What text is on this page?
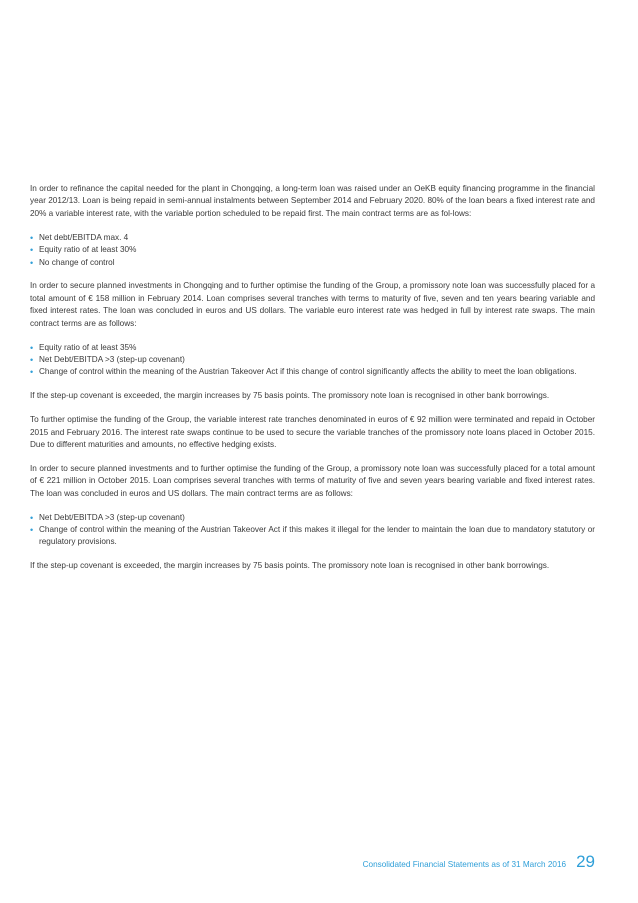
In order to refinance the capital needed for the plant in Chongqing, a long-term loan was raised under an OeKB equity financing programme in the financial year 2012/13. Loan is being repaid in semi-annual instalments between September 2014 and February 2020. 80% of the loan bears a fixed interest rate and 20% a variable interest rate, with the variable portion scheduled to be repaid first. The main contract terms are as fol-lows:

• Net debt/EBITDA max. 4
• Equity ratio of at least 30%
• No change of control

In order to secure planned investments in Chongqing and to further optimise the funding of the Group, a promissory note loan was successfully placed for a total amount of € 158 million in February 2014. Loan comprises several tranches with terms to maturity of five, seven and ten years bearing variable and fixed interest rates. The loan was concluded in euros and US dollars. The variable euro interest rate was hedged in full by interest rate swaps. The main contract terms are as follows:

• Equity ratio of at least 35%
• Net Debt/EBITDA >3 (step-up covenant)
• Change of control within the meaning of the Austrian Takeover Act if this change of control significantly affects the ability to meet the loan obligations.

If the step-up covenant is exceeded, the margin increases by 75 basis points. The promissory note loan is recognised in other bank borrowings.

To further optimise the funding of the Group, the variable interest rate tranches denominated in euros of € 92 million were terminated and repaid in October 2015 and February 2016. The interest rate swaps continue to be used to secure the variable tranches of the promissory note loans placed in October 2015. Due to different maturities and amounts, no effective hedging exists.

In order to secure planned investments and to further optimise the funding of the Group, a promissory note loan was successfully placed for a total amount of € 221 million in October 2015. Loan comprises several tranches with terms of maturity of five and seven years bearing variable and fixed interest rates. The loan was concluded in euros and US dollars. The main contract terms are as follows:

• Net Debt/EBITDA >3 (step-up covenant)
• Change of control within the meaning of the Austrian Takeover Act if this makes it illegal for the lender to maintain the loan due to mandatory statutory or regulatory provisions.

If the step-up covenant is exceeded, the margin increases by 75 basis points. The promissory note loan is recognised in other bank borrowings.

Consolidated Financial Statements as of 31 March 2016 29
